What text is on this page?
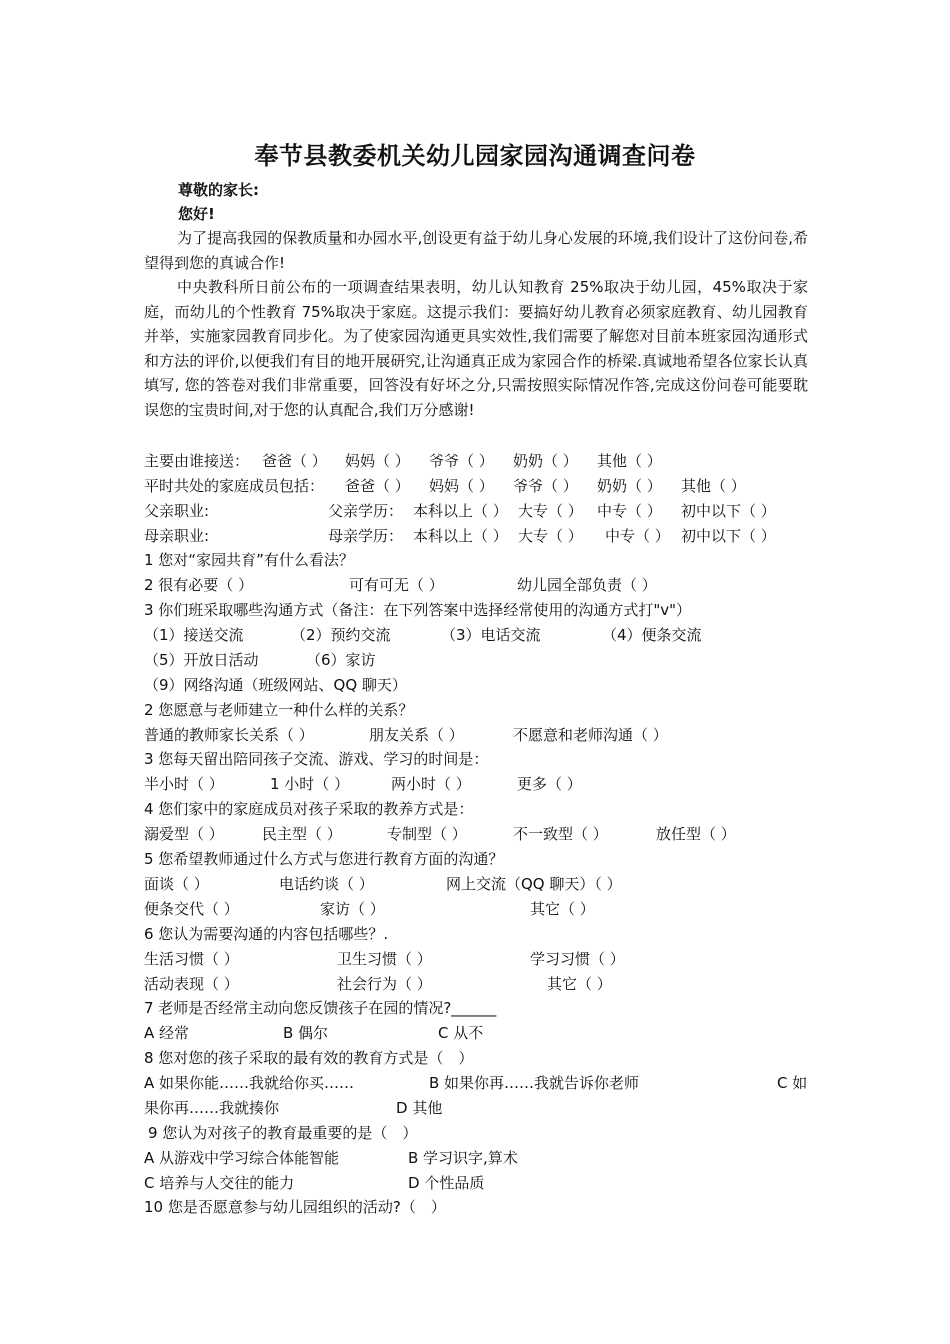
奉节县教委机关幼儿园家园沟通调查问卷
尊敬的家长:
您好!

为了提高我园的保教质量和办园水平,创设更有益于幼儿身心发展的环境,我们设计了这份问卷,希望得到您的真诚合作!

中央教科所日前公布的一项调查结果表明，幼儿认知教育 25%取决于幼儿园，45%取决于家庭，而幼儿的个性教育 75%取决于家庭。这提示我们：要搞好幼儿教育必须家庭教育、幼儿园教育并举，实施家园教育同步化。为了使家园沟通更具实效性,我们需要了解您对目前本班家园沟通形式和方法的评价,以便我们有目的地开展研究,让沟通真正成为家园合作的桥梁.真诚地希望各位家长认真填写, 您的答卷对我们非常重要，回答没有好坏之分,只需按照实际情况作答,完成这份问卷可能要耽误您的宝贵时间,对于您的认真配合,我们万分感谢!

主要由谁接送： 爸爸（ ） 妈妈（ ） 爷爷（ ） 奶奶（ ） 其他（ ）
平时共处的家庭成员包括： 爸爸（ ） 妈妈（ ） 爷爷（ ） 奶奶（ ） 其他（ ）
父亲职业:	父亲学历： 本科以上（ ） 大专（ ） 中专（ ） 初中以下（ ）
母亲职业:	母亲学历： 本科以上（ ） 大专（ ） 中专（ ） 初中以下（ ）
1 您对“家园共育”有什么看法？
2 很有必要（ ）	可有可无（ ）	幼儿园全部负责（ ）
3 你们班采取哪些沟通方式（备注：在下列答案中选择经常使用的沟通方式打"v"）
（1）接送交流	（2）预约交流	（3）电话交流	（4）便条交流
（5）开放日活动	（6）家访
（9）网络沟通（班级网站、QQ 聊天）
2 您愿意与老师建立一种什么样的关系？
普通的教师家长关系（ ）	朋友关系（ ）	不愿意和老师沟通（ ）
3 您每天留出陪同孩子交流、游戏、学习的时间是：
半小时（ ）	1 小时（ ）	两小时（ ）	更多（ ）
4 您们家中的家庭成员对孩子采取的教养方式是：
溺爱型（ ）	民主型（ ）	专制型（ ）	不一致型（ ）	放任型（ ）
5 您希望教师通过什么方式与您进行教育方面的沟通？
面谈（ ）	电话约谈（ ）	网上交流（QQ 聊天）（ ）
便条交代（ ）	家访（ ）	其它（ ）
6 您认为需要沟通的内容包括哪些？.
生活习惯（ ）	卫生习惯（ ）	学习习惯（ ）
活动表现（ ）	社会行为（ ）	其它（ ）
7 老师是否经常主动向您反馈孩子在园的情况?______
A 经常	B 偶尔	C 从不
8 您对您的孩子采取的最有效的教育方式是（　）
A 如果你能……我就给你买……	B 如果你再……我就告诉你老师	C 如
果你再……我就揍你	D 其他
9 您认为对孩子的教育最重要的是（　）
A 从游戏中学习综合体能智能	B 学习识字,算术
C 培养与人交往的能力	D 个性品质
10 您是否愿意参与幼儿园组织的活动?（　）
